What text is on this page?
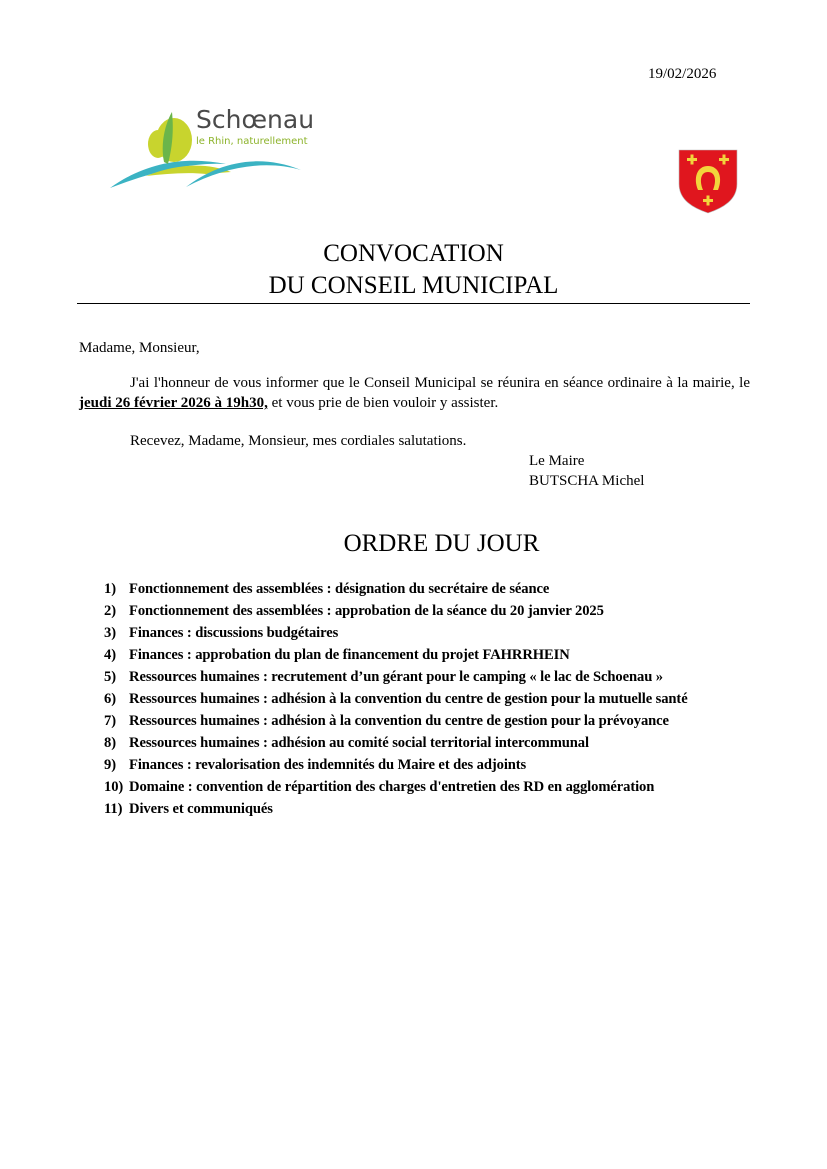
19/02/2026
Schœnau
le Rhin, naturellement
CONVOCATION
DU CONSEIL MUNICIPAL
Madame, Monsieur,
J'ai l'honneur de vous informer que le Conseil Municipal se réunira en séance ordinaire à la mairie, le jeudi 26 février 2026 à 19h30, et vous prie de bien vouloir y assister.
Recevez, Madame, Monsieur, mes cordiales salutations.
Le Maire
BUTSCHA Michel
ORDRE DU JOUR
1) Fonctionnement des assemblées : désignation du secrétaire de séance
2) Fonctionnement des assemblées : approbation de la séance du 20 janvier 2025
3) Finances : discussions budgétaires
4) Finances : approbation du plan de financement du projet FAHRRHEIN
5) Ressources humaines : recrutement d’un gérant pour le camping « le lac de Schoenau »
6) Ressources humaines : adhésion à la convention du centre de gestion pour la mutuelle santé
7) Ressources humaines : adhésion à la convention du centre de gestion pour la prévoyance
8) Ressources humaines : adhésion au comité social territorial intercommunal
9) Finances : revalorisation des indemnités du Maire et des adjoints
10) Domaine : convention de répartition des charges d'entretien des RD en agglomération
11) Divers et communiqués
